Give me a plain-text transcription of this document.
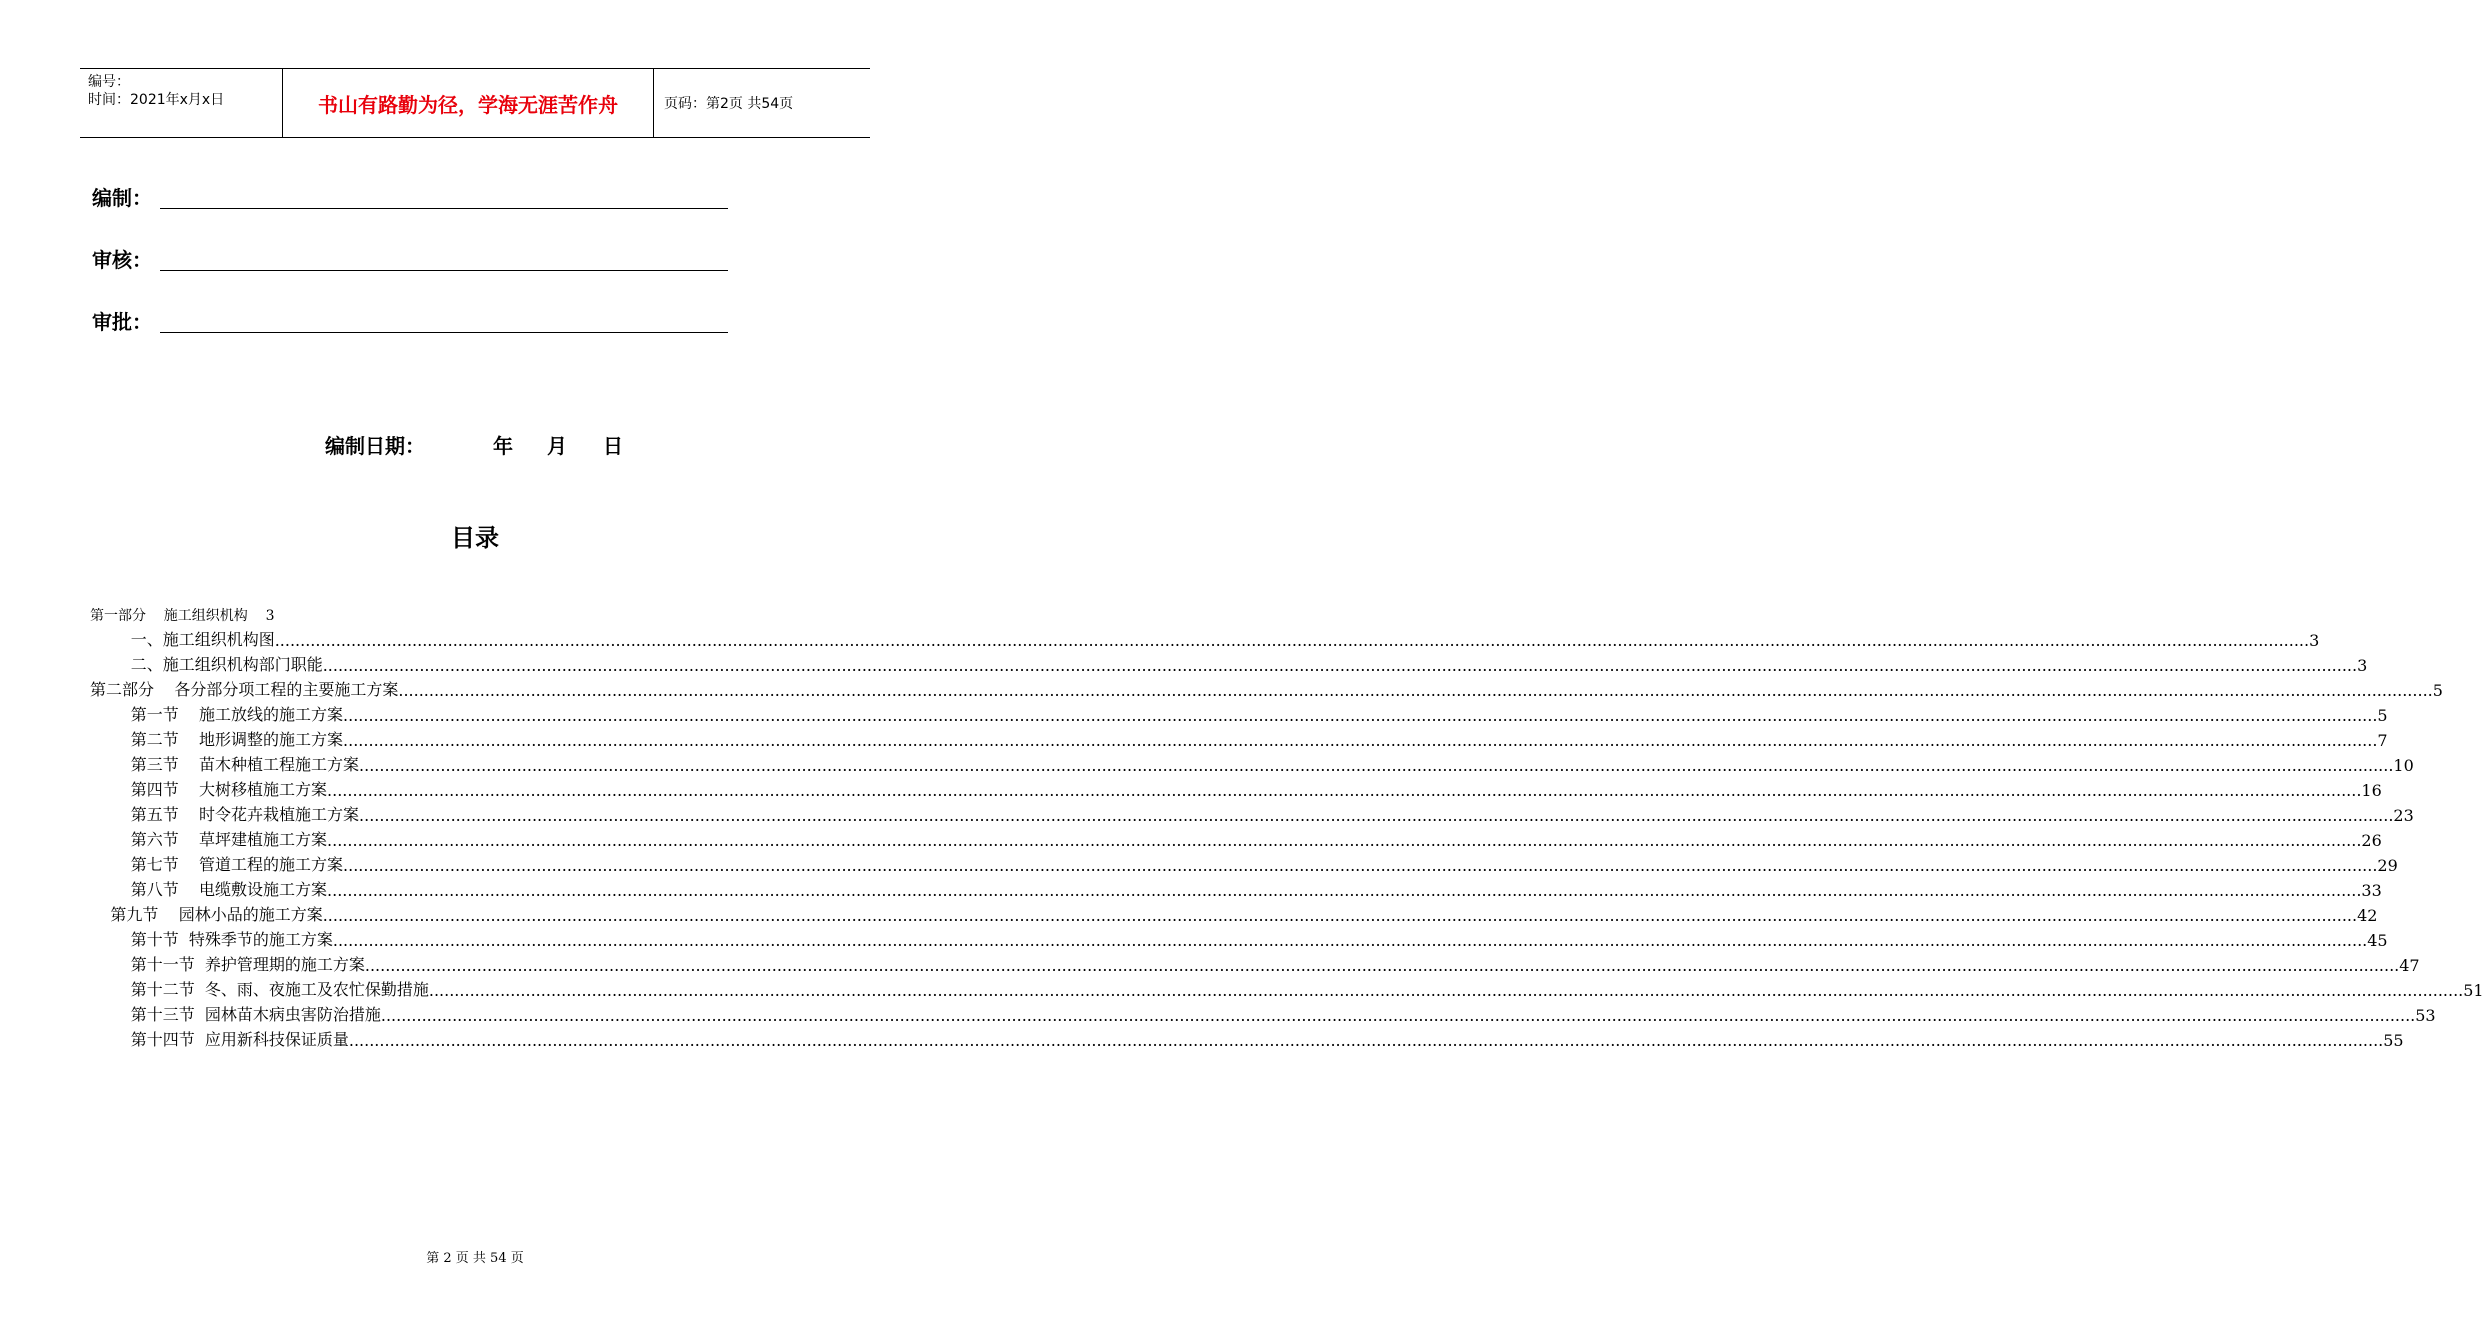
编号：
时间：2021年x月x日	书山有路勤为径，学海无涯苦作舟	页码：第2页 共54页
编制：
审核：
审批：
编制日期：	年 月 日
目录
第一部分    施工组织机构    3
一、施工组织机构图 ................................................................................................................................................................................................................................................................................................................................................................................................................ 3
二、施工组织机构部门职能 ................................................................................................................................................................................................................................................................................................................................................................................................................ 3
第二部分    各分部分项工程的主要施工方案 ................................................................................................................................................................................................................................................................................................................................................................................................................ 5
第一节    施工放线的施工方案 ................................................................................................................................................................................................................................................................................................................................................................................................................ 5
第二节    地形调整的施工方案 ................................................................................................................................................................................................................................................................................................................................................................................................................ 7
第三节    苗木种植工程施工方案 ................................................................................................................................................................................................................................................................................................................................................................................................................ 10
第四节    大树移植施工方案 ................................................................................................................................................................................................................................................................................................................................................................................................................ 16
第五节    时令花卉栽植施工方案 ................................................................................................................................................................................................................................................................................................................................................................................................................ 23
第六节    草坪建植施工方案 ................................................................................................................................................................................................................................................................................................................................................................................................................ 26
第七节    管道工程的施工方案 ................................................................................................................................................................................................................................................................................................................................................................................................................ 29
第八节    电缆敷设施工方案 ................................................................................................................................................................................................................................................................................................................................................................................................................ 33
第九节    园林小品的施工方案 ................................................................................................................................................................................................................................................................................................................................................................................................................ 42
第十节  特殊季节的施工方案 ................................................................................................................................................................................................................................................................................................................................................................................................................ 45
第十一节  养护管理期的施工方案 ................................................................................................................................................................................................................................................................................................................................................................................................................ 47
第十二节  冬、雨、夜施工及农忙保勤措施 ................................................................................................................................................................................................................................................................................................................................................................................................................ 51
第十三节  园林苗木病虫害防治措施 ................................................................................................................................................................................................................................................................................................................................................................................................................ 53
第十四节  应用新科技保证质量 ................................................................................................................................................................................................................................................................................................................................................................................................................ 55
第 2 页 共 54 页
